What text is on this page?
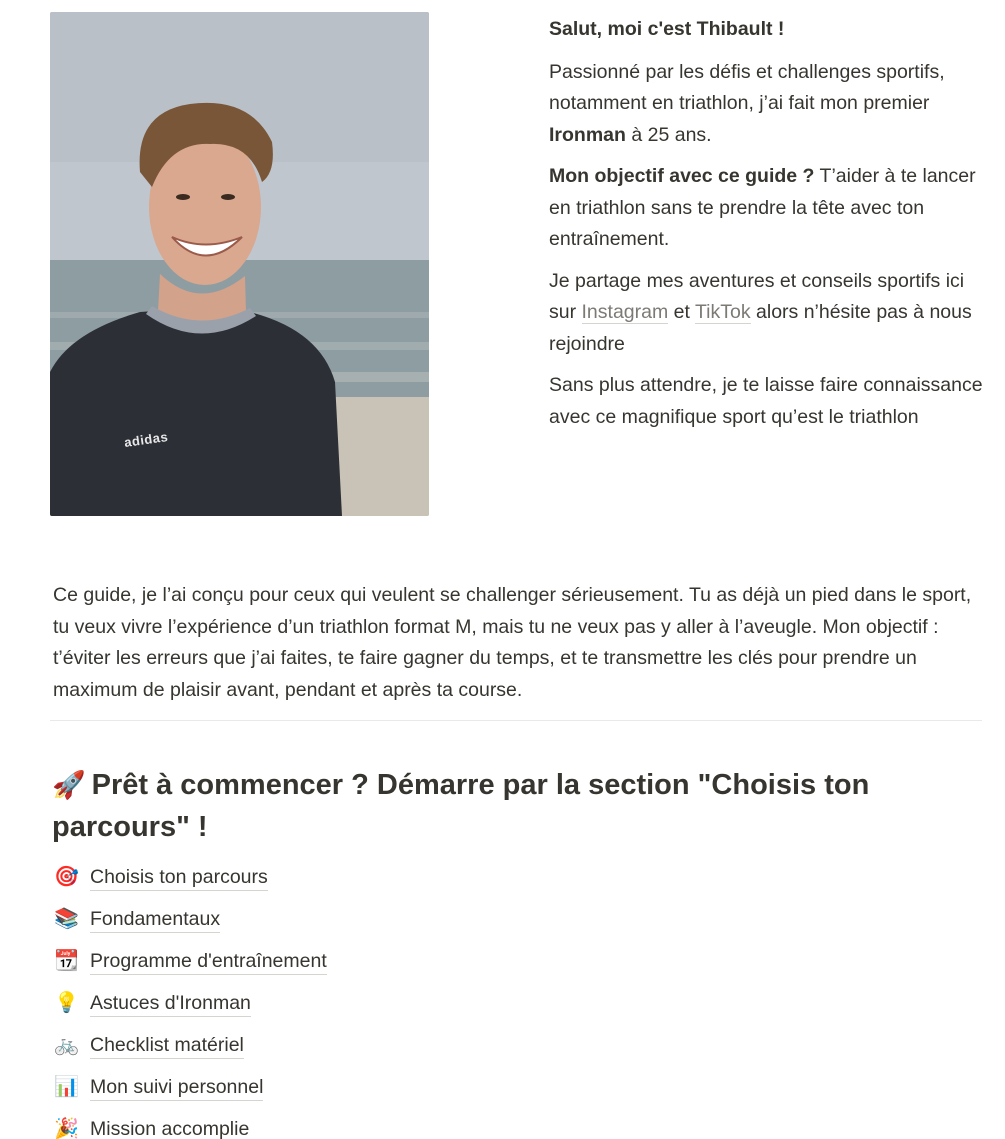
adidas

Salut, moi c'est Thibault !

Passionné par les défis et challenges sportifs, notamment en triathlon, j’ai fait mon premier Ironman à 25 ans.

Mon objectif avec ce guide ? T’aider à te lancer en triathlon sans te prendre la tête avec ton entraînement.

Je partage mes aventures et conseils sportifs ici sur Instagram et TikTok alors n’hésite pas à nous rejoindre

Sans plus attendre, je te laisse faire connaissance avec ce magnifique sport qu’est le triathlon

Ce guide, je l’ai conçu pour ceux qui veulent se challenger sérieusement. Tu as déjà un pied dans le sport, tu veux vivre l’expérience d’un triathlon format M, mais tu ne veux pas y aller à l’aveugle. Mon objectif : t’éviter les erreurs que j’ai faites, te faire gagner du temps, et te transmettre les clés pour prendre un maximum de plaisir avant, pendant et après ta course.

🚀 Prêt à commencer ? Démarre par la section "Choisis ton parcours" !
🎯 Choisis ton parcours
📚 Fondamentaux
📆 Programme d'entraînement
💡 Astuces d'Ironman
🚲 Checklist matériel
📊 Mon suivi personnel
🎉 Mission accomplie
